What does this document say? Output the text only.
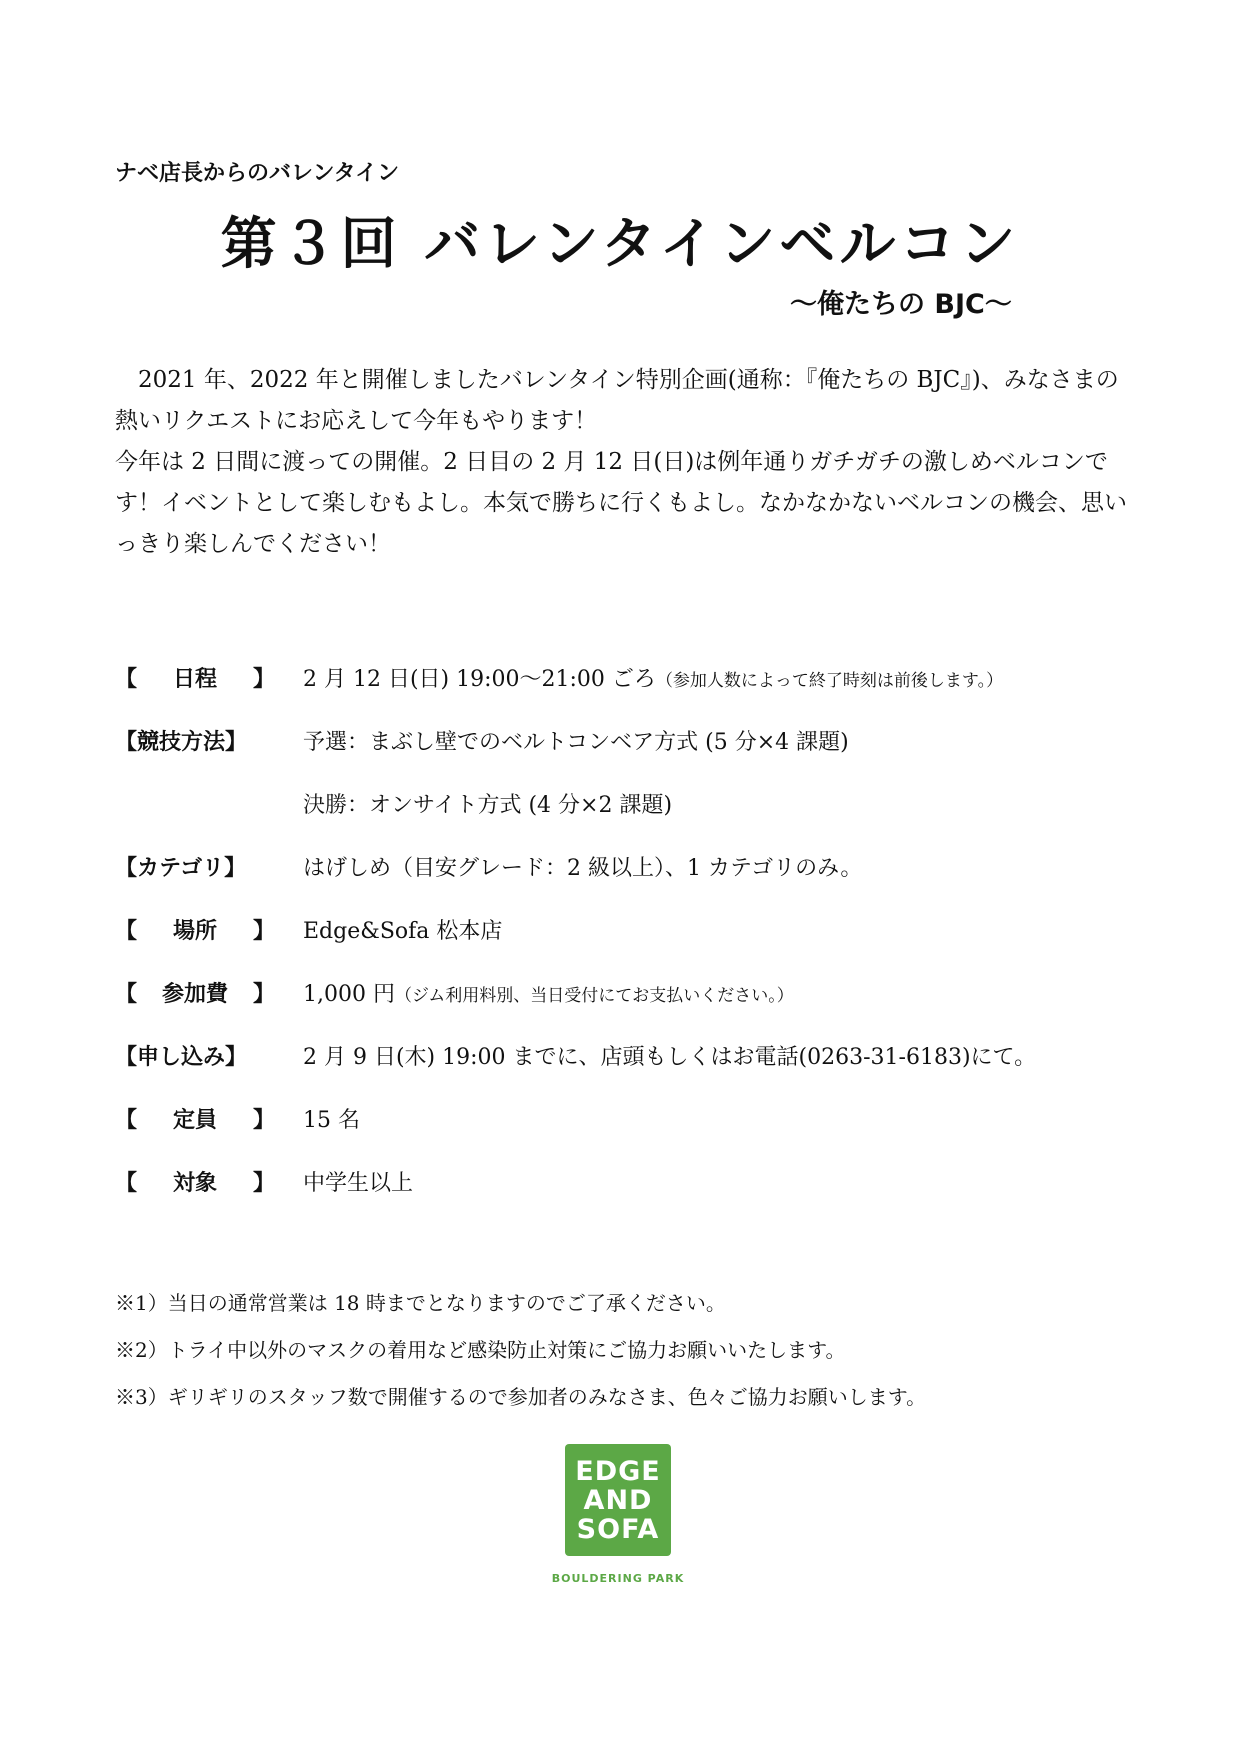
ナベ店長からのバレンタイン
第３回 バレンタインベルコン
〜俺たちの BJC〜

　2021 年、2022 年と開催しましたバレンタイン特別企画(通称：『俺たちの BJC』)、みなさまの熱いリクエストにお応えして今年もやります！

今年は 2 日間に渡っての開催。2 日目の 2 月 12 日(日)は例年通りガチガチの激しめベルコンです！イベントとして楽しむもよし。本気で勝ちに行くもよし。なかなかないベルコンの機会、思いっきり楽しんでください！

【 日程 】 2 月 12 日(日) 19:00〜21:00 ごろ（参加人数によって終了時刻は前後します。）
【競技方法】	予選：まぶし壁でのベルトコンベア方式 (5 分×4 課題)
決勝：オンサイト方式 (4 分×2 課題)
【カテゴリ】	はげしめ（目安グレード：2 級以上）、1 カテゴリのみ。
【 場所 】 Edge&Sofa 松本店
【 参加費 】 1,000 円（ジム利用料別、当日受付にてお支払いください。）
【申し込み】	2 月 9 日(木) 19:00 までに、店頭もしくはお電話(0263-31-6183)にて。
【 定員 】 15 名
【 対象 】 中学生以上
※1）当日の通常営業は 18 時までとなりますのでご了承ください。
※2）トライ中以外のマスクの着用など感染防止対策にご協力お願いいたします。
※3）ギリギリのスタッフ数で開催するので参加者のみなさま、色々ご協力お願いします。
EDGE
AND
SOFA
BOULDERING PARK
